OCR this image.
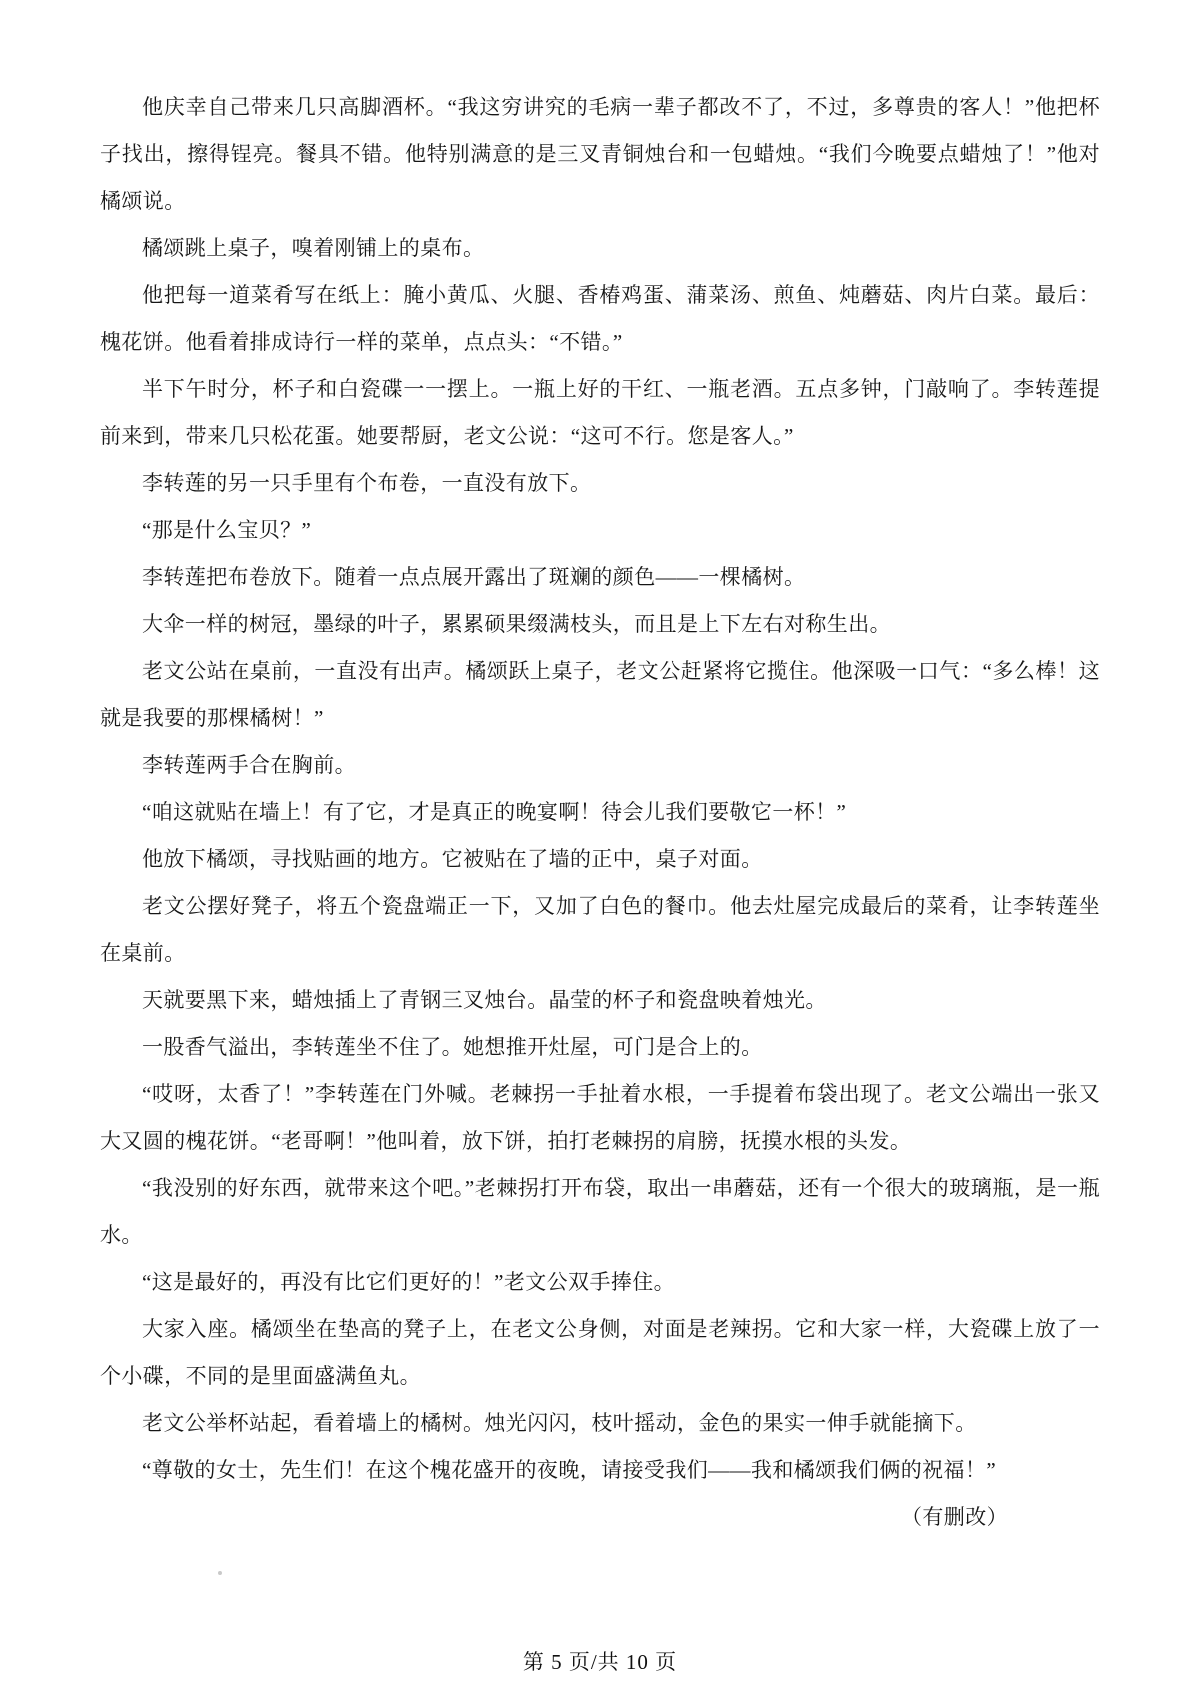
他庆幸自己带来几只高脚酒杯。“我这穷讲究的毛病一辈子都改不了，不过，多尊贵的客人！”他把杯子找出，擦得锃亮。餐具不错。他特别满意的是三叉青铜烛台和一包蜡烛。“我们今晚要点蜡烛了！”他对橘颂说。

橘颂跳上桌子，嗅着刚铺上的桌布。

他把每一道菜肴写在纸上：腌小黄瓜、火腿、香椿鸡蛋、蒲菜汤、煎鱼、炖蘑菇、肉片白菜。最后：槐花饼。他看着排成诗行一样的菜单，点点头：“不错。”

半下午时分，杯子和白瓷碟一一摆上。一瓶上好的干红、一瓶老酒。五点多钟，门敲响了。李转莲提前来到，带来几只松花蛋。她要帮厨，老文公说：“这可不行。您是客人。”

李转莲的另一只手里有个布卷，一直没有放下。

“那是什么宝贝？”

李转莲把布卷放下。随着一点点展开露出了斑斓的颜色——一棵橘树。

大伞一样的树冠，墨绿的叶子，累累硕果缀满枝头，而且是上下左右对称生出。

老文公站在桌前，一直没有出声。橘颂跃上桌子，老文公赶紧将它揽住。他深吸一口气：“多么棒！这就是我要的那棵橘树！”

李转莲两手合在胸前。

“咱这就贴在墙上！有了它，才是真正的晚宴啊！待会儿我们要敬它一杯！”

他放下橘颂，寻找贴画的地方。它被贴在了墙的正中，桌子对面。

老文公摆好凳子，将五个瓷盘端正一下，又加了白色的餐巾。他去灶屋完成最后的菜肴，让李转莲坐在桌前。

天就要黑下来，蜡烛插上了青钢三叉烛台。晶莹的杯子和瓷盘映着烛光。

一股香气溢出，李转莲坐不住了。她想推开灶屋，可门是合上的。

“哎呀，太香了！”李转莲在门外喊。老棘拐一手扯着水根，一手提着布袋出现了。老文公端出一张又大又圆的槐花饼。“老哥啊！”他叫着，放下饼，拍打老棘拐的肩膀，抚摸水根的头发。

“我没别的好东西，就带来这个吧。”老棘拐打开布袋，取出一串蘑菇，还有一个很大的玻璃瓶，是一瓶水。

“这是最好的，再没有比它们更好的！”老文公双手捧住。

大家入座。橘颂坐在垫高的凳子上，在老文公身侧，对面是老辣拐。它和大家一样，大瓷碟上放了一个小碟，不同的是里面盛满鱼丸。

老文公举杯站起，看着墙上的橘树。烛光闪闪，枝叶摇动，金色的果实一伸手就能摘下。

“尊敬的女士，先生们！在这个槐花盛开的夜晚，请接受我们——我和橘颂我们俩的祝福！”

（有删改）

第 5 页/共 10 页
